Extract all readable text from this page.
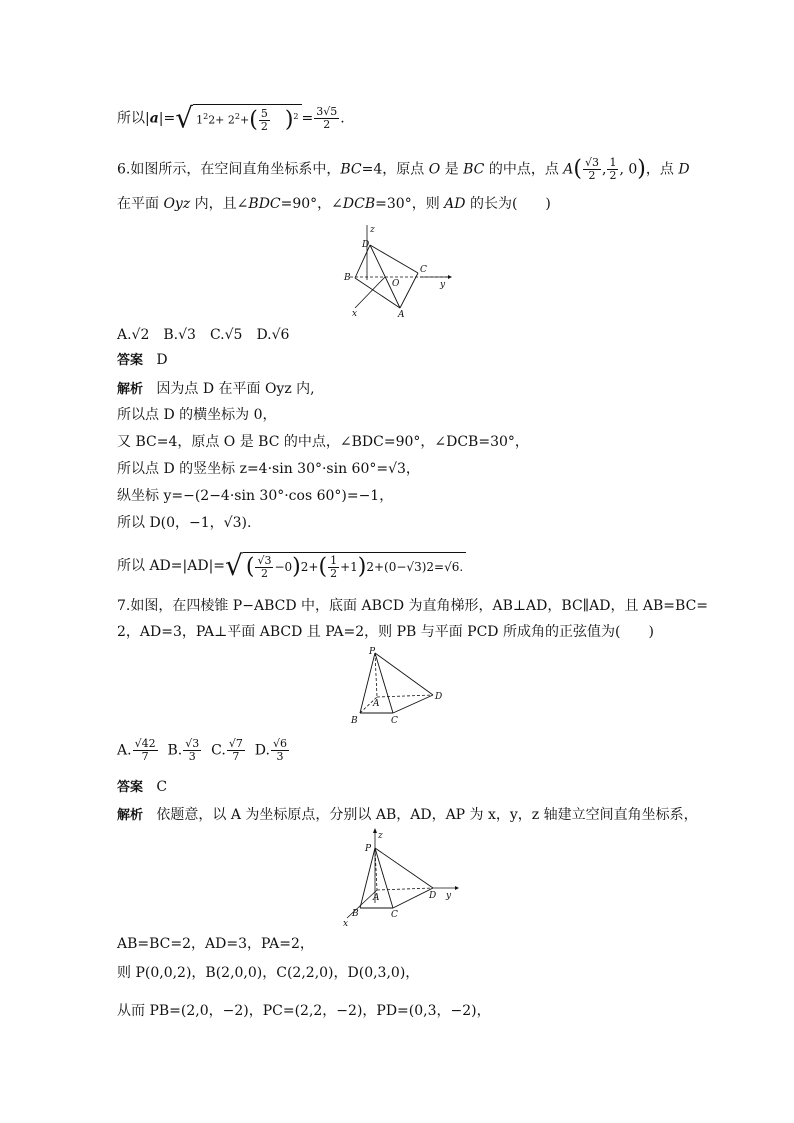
所以|a|=√ $1^22+ 2^2+( \frac{5}{2} )^2 = \frac{3√5}{2}$ .
6.如图所示，在空间直角坐标系中，BC=4，原点 O 是 BC 的中点，点 $A( \frac{√3}{2}$ , $\frac{1}{2}$ , 0)，点 D
在平面 Oyz 内，且∠BDC=90°，∠DCB=30°，则 AD 的长为(　　)
z
D
B
O
C
y
x	A
A.√2　B.√3　C.√5　D.√6
答案 D
解析 因为点 D 在平面 Oyz 内,
所以点 D 的横坐标为 0，
又 BC=4，原点 O 是 BC 的中点，∠BDC=90°，∠DCB=30°，
所以点 D 的竖坐标 z=4·sin 30°·sin 60°=√3，
纵坐标 y=−(2−4·sin 30°·cos 60°)=−1，
所以 D(0，−1，√3).
所以 AD=|AD|=√ ( $\frac{√3}{2} -0)2+( \frac{1}{2} +1)2+(0-√3)2=√6$.
7.如图，在四棱锥 P−ABCD 中，底面 ABCD 为直角梯形，AB⊥AD，BC∥AD，且 AB=BC=
2，AD=3，PA⊥平面 ABCD 且 PA=2，则 PB 与平面 PCD 所成角的正弦值为(　　)
P
A
B	C
D
A. $\frac{√42}{7} B$. $\frac{√3}{3} C$. $\frac{√7}{7} D$. $\frac{√6}{3}$
答案 C
解析 依题意，以 A 为坐标原点，分别以 AB，AD，AP 为 x，y，z 轴建立空间直角坐标系，
z
P
A
B	C
D y
x
AB=BC=2，AD=3，PA=2，
则 P(0,0,2)，B(2,0,0)，C(2,2,0)，D(0,3,0)，
从而 PB=(2,0，−2)，PC=(2,2，−2)，PD=(0,3，−2)，
